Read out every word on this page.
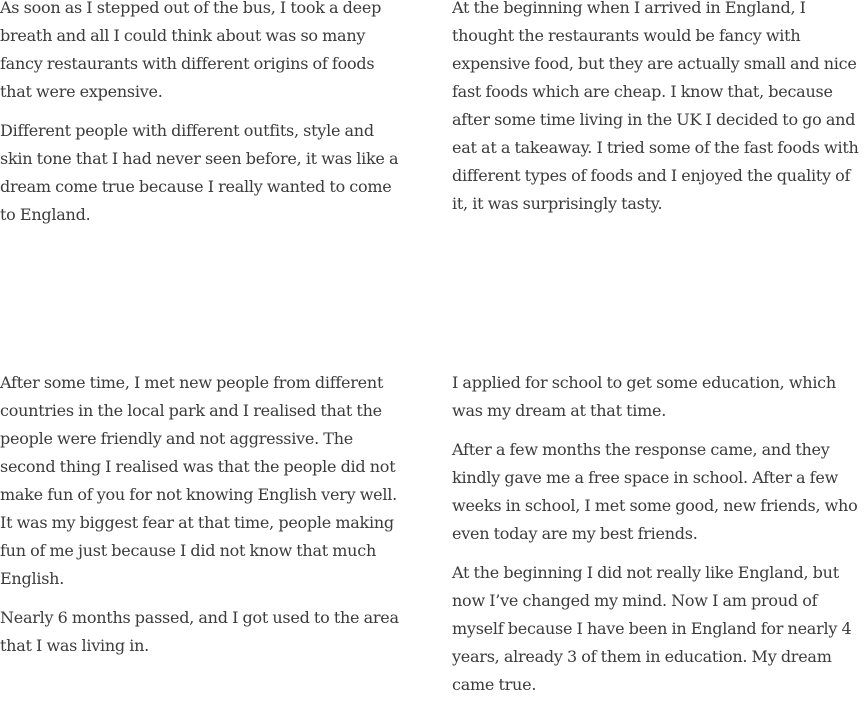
As soon as I stepped out of the bus, I took a deep breath and all I could think about was so many fancy restaurants with different origins of foods that were expensive.

Different people with different outfits, style and skin tone that I had never seen before, it was like a dream come true because I really wanted to come to England.

At the beginning when I arrived in England, I thought the restaurants would be fancy with expensive food, but they are actually small and nice fast foods which are cheap. I know that, because after some time living in the UK I decided to go and eat at a takeaway. I tried some of the fast foods with different types of foods and I enjoyed the quality of it, it was surprisingly tasty.

After some time, I met new people from different countries in the local park and I realised that the people were friendly and not aggressive. The second thing I realised was that the people did not make fun of you for not knowing English very well. It was my biggest fear at that time, people making fun of me just because I did not know that much English.

Nearly 6 months passed, and I got used to the area that I was living in.

I applied for school to get some education, which was my dream at that time.

After a few months the response came, and they kindly gave me a free space in school. After a few weeks in school, I met some good, new friends, who even today are my best friends.

At the beginning I did not really like England, but now I’ve changed my mind. Now I am proud of myself because I have been in England for nearly 4 years, already 3 of them in education. My dream came true.
